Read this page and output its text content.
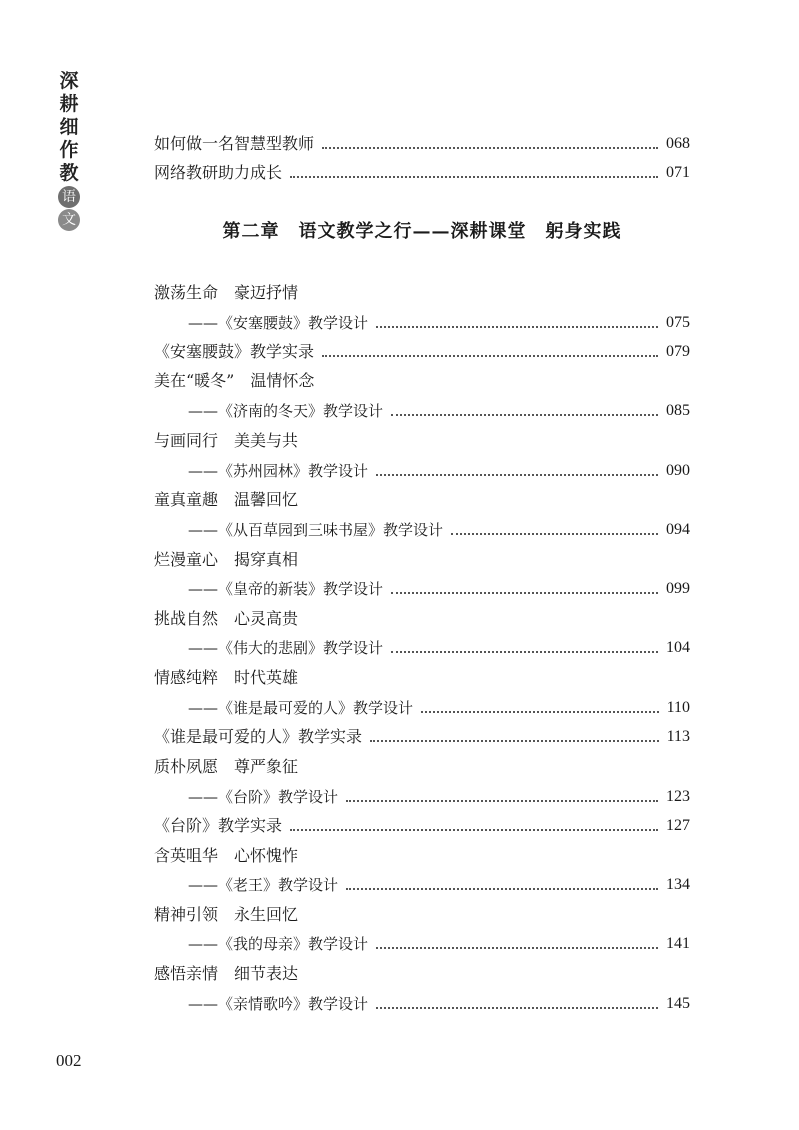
深
耕
细
作
教
语
文
如何做一名智慧型教师	068
网络教研助力成长	071
第二章　语文教学之行——深耕课堂　躬身实践
激荡生命　豪迈抒情
——《安塞腰鼓》教学设计	075
《安塞腰鼓》教学实录	079
美在“暖冬”　温情怀念
——《济南的冬天》教学设计	085
与画同行　美美与共
——《苏州园林》教学设计	090
童真童趣　温馨回忆
——《从百草园到三味书屋》教学设计	094
烂漫童心　揭穿真相
——《皇帝的新装》教学设计	099
挑战自然　心灵高贵
——《伟大的悲剧》教学设计	104
情感纯粹　时代英雄
——《谁是最可爱的人》教学设计	110
《谁是最可爱的人》教学实录	113
质朴夙愿　尊严象征
——《台阶》教学设计	123
《台阶》教学实录	127
含英咀华　心怀愧怍
——《老王》教学设计	134
精神引领　永生回忆
——《我的母亲》教学设计	141
感悟亲情　细节表达
——《亲情歌吟》教学设计	145
002
